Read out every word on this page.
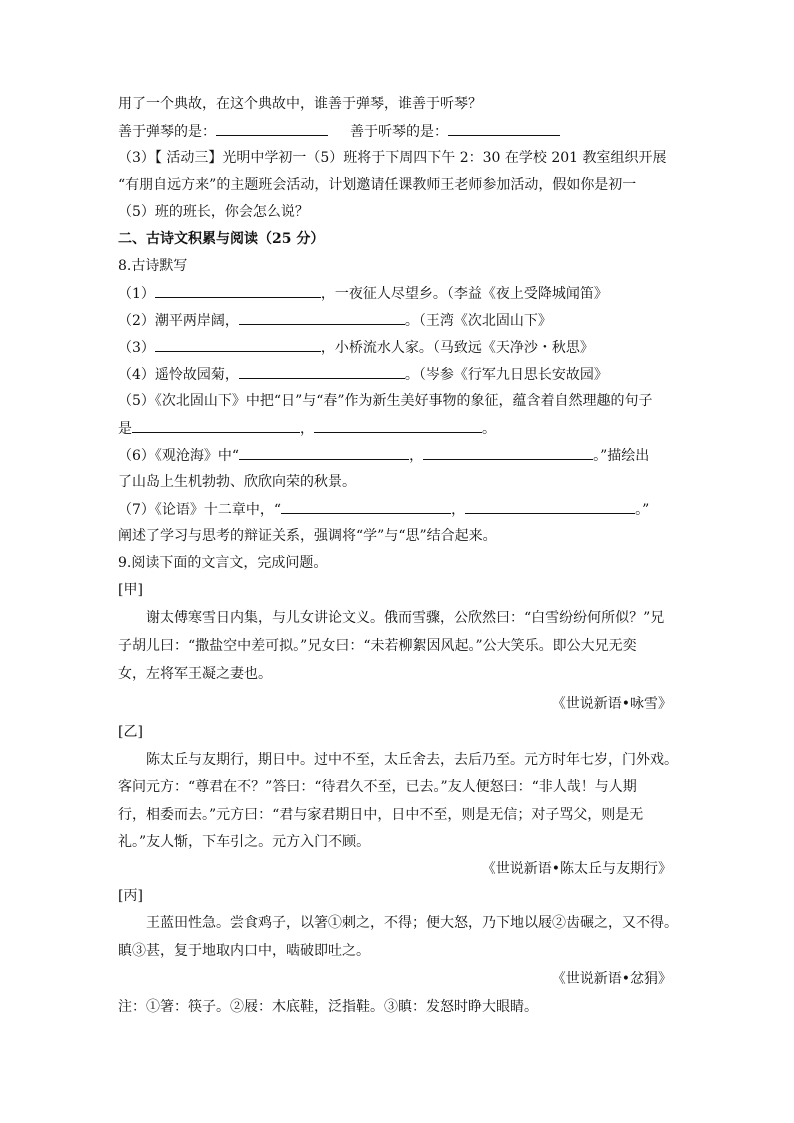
用了一个典故，在这个典故中，谁善于弹琴，谁善于听琴？
善于弹琴的是：	善于听琴的是：
（3）【 活动三】光明中学初一（5）班将于下周四下午 2：30 在学校 201 教室组织开展
“有朋自远方来”的主题班会活动，计划邀请任课教师王老师参加活动，假如你是初一
（5）班的班长，你会怎么说？
二、古诗文积累与阅读（25 分）
8.古诗默写
（1）	，一夜征人尽望乡。（李益《夜上受降城闻笛》
（2）潮平两岸阔，	。（王湾《次北固山下》
（3）	，小桥流水人家。（马致远《天净沙・秋思》
（4）遥怜故园菊，	。（岑参《行军九日思长安故园》
（5）《次北固山下》中把“日”与“春”作为新生美好事物的象征，蕴含着自然理趣的句子
是	，	。
（6）《观沧海》中“	，	。”描绘出
了山岛上生机勃勃、欣欣向荣的秋景。
（7）《论语》十二章中，“	，	。”
阐述了学习与思考的辩证关系，强调将“学”与“思”结合起来。
9.阅读下面的文言文，完成问题。
[甲]
谢太傅寒雪日内集，与儿女讲论文义。俄而雪骤，公欣然曰：“白雪纷纷何所似？”兄
子胡儿曰：“撒盐空中差可拟。”兄女曰：“未若柳絮因风起。”公大笑乐。即公大兄无奕
女，左将军王凝之妻也。
《世说新语•咏雪》
[乙]
陈太丘与友期行，期日中。过中不至，太丘舍去，去后乃至。元方时年七岁，门外戏。
客问元方：“尊君在不？”答曰：“待君久不至，已去。”友人便怒曰：“非人哉！与人期
行，相委而去。”元方曰：“君与家君期日中，日中不至，则是无信；对子骂父，则是无
礼。”友人惭，下车引之。元方入门不顾。
《世说新语•陈太丘与友期行》
[丙]
王蓝田性急。尝食鸡子，以箸①刺之，不得；便大怒，乃下地以屐②齿碾之，又不得。
瞋③甚，复于地取内口中，啮破即吐之。
《世说新语•忿狷》
注：①箸：筷子。②屐：木底鞋，泛指鞋。③瞋：发怒时睁大眼睛。
